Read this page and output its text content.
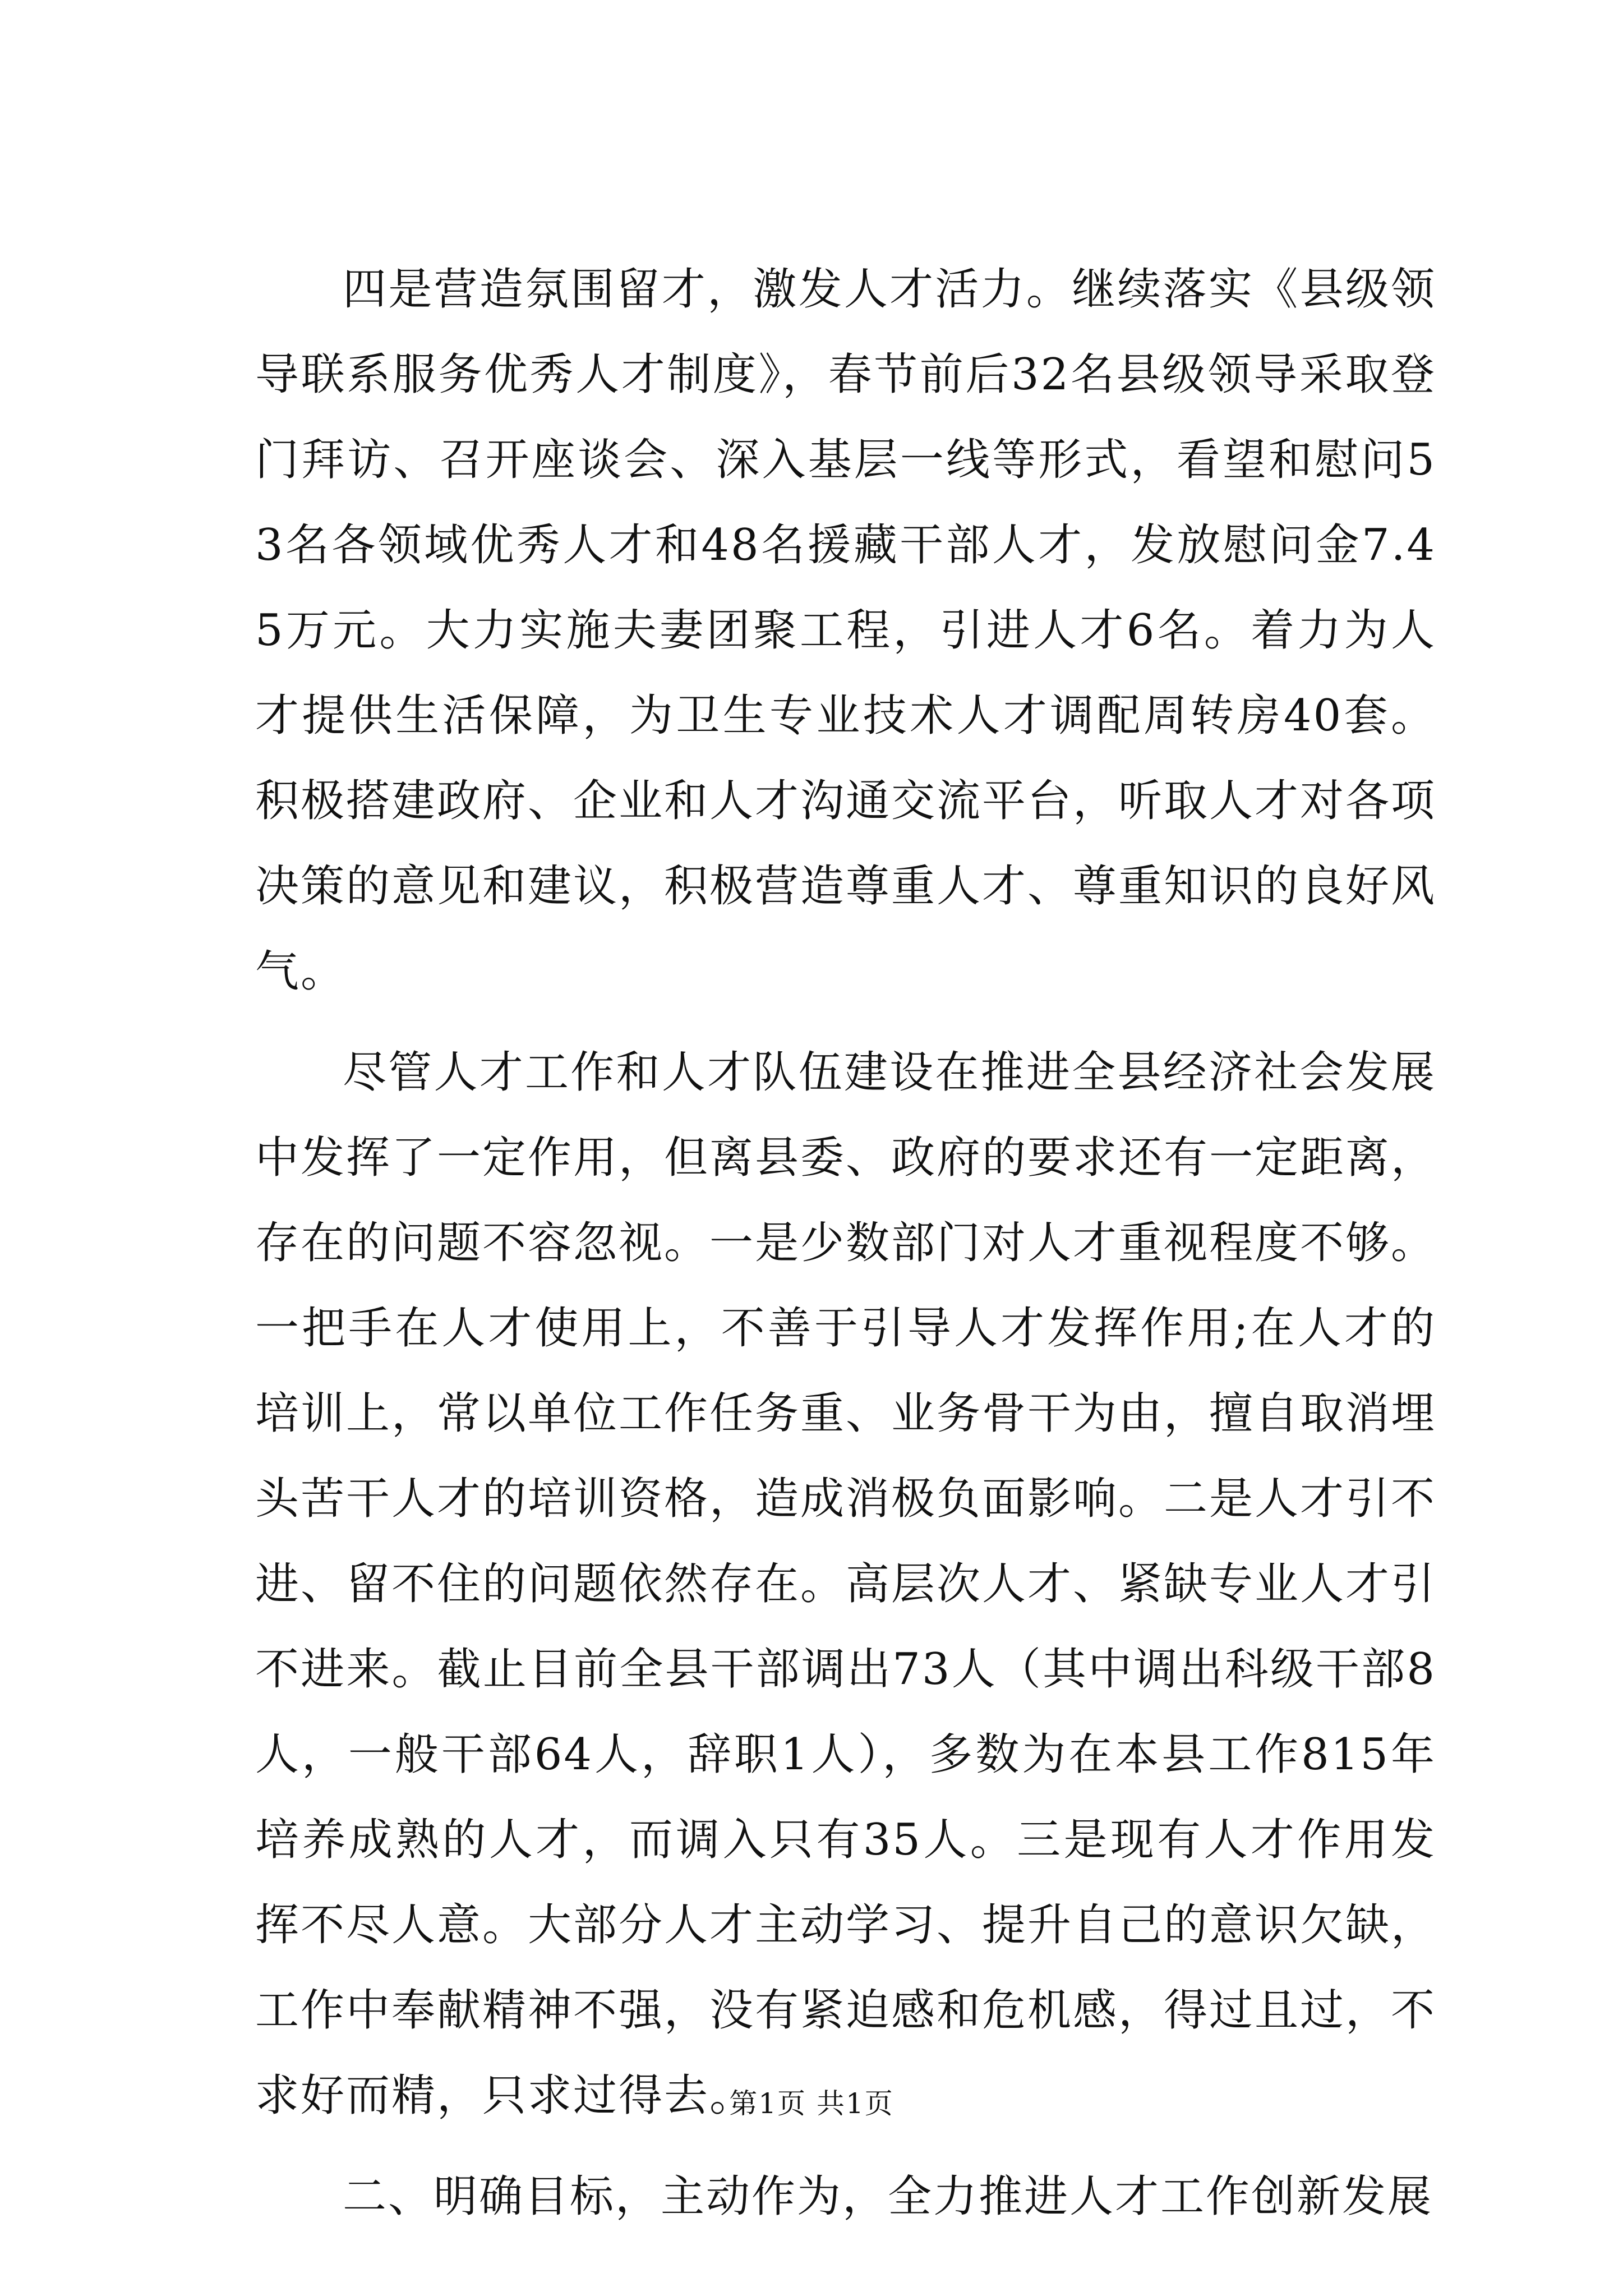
四是营造氛围留才，激发人才活力。继续落实《县级领导联系服务优秀人才制度》，春节前后32名县级领导采取登门拜访、召开座谈会、深入基层一线等形式，看望和慰问53名各领域优秀人才和48名援藏干部人才，发放慰问金7.45万元。大力实施夫妻团聚工程，引进人才6名。着力为人才提供生活保障，为卫生专业技术人才调配周转房40套。积极搭建政府、企业和人才沟通交流平台，听取人才对各项决策的意见和建议，积极营造尊重人才、尊重知识的良好风气。

尽管人才工作和人才队伍建设在推进全县经济社会发展中发挥了一定作用，但离县委、政府的要求还有一定距离，存在的问题不容忽视。一是少数部门对人才重视程度不够。一把手在人才使用上，不善于引导人才发挥作用;在人才的培训上，常以单位工作任务重、业务骨干为由，擅自取消埋头苦干人才的培训资格，造成消极负面影响。二是人才引不进、留不住的问题依然存在。高层次人才、紧缺专业人才引不进来。截止目前全县干部调出73人（其中调出科级干部8人，一般干部64人，辞职1人），多数为在本县工作815年培养成熟的人才，而调入只有35人。三是现有人才作用发挥不尽人意。大部分人才主动学习、提升自己的意识欠缺，工作中奉献精神不强，没有紧迫感和危机感，得过且过，不求好而精，只求过得去。

二、明确目标，主动作为，全力推进人才工作创新发展

第1页 共1页
